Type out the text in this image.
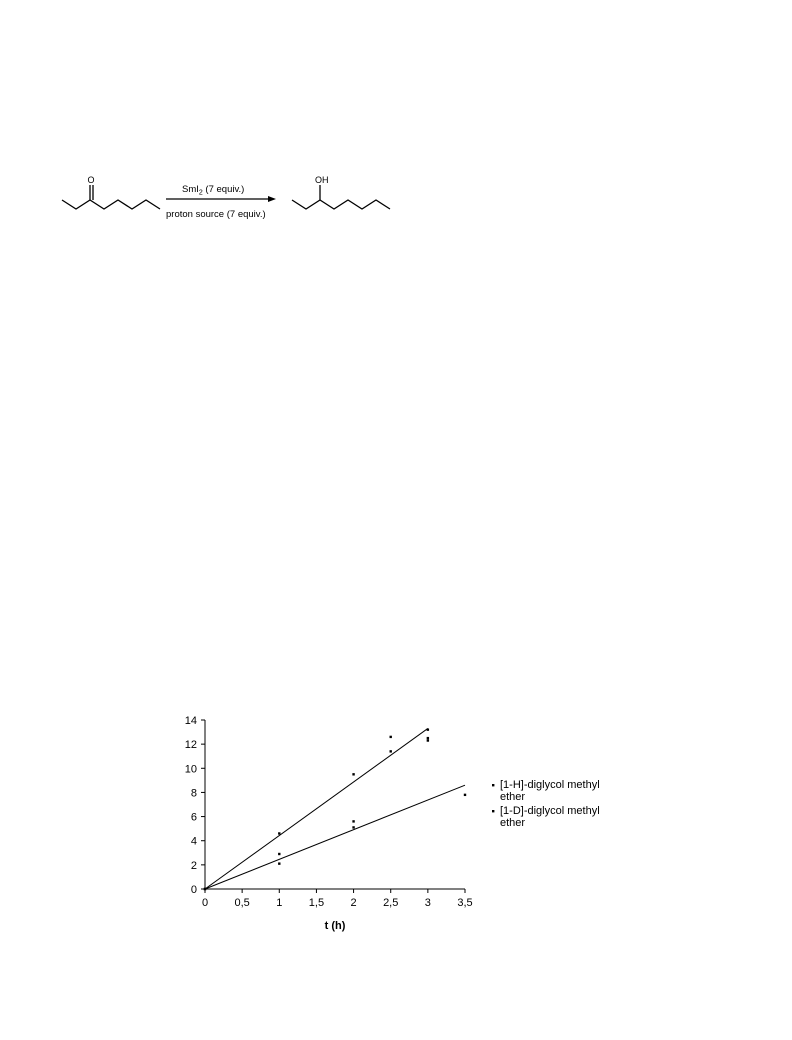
O
SmI$_2$ (7 equiv.)
proton source (7 equiv.)
OH
0 0,5 1 1,5 2 2,5 3 3,5
0
2
4
6
8
10
12
14
t (h)
[1-H]-diglycol methyl
ether
[1-D]-diglycol methyl
ether
